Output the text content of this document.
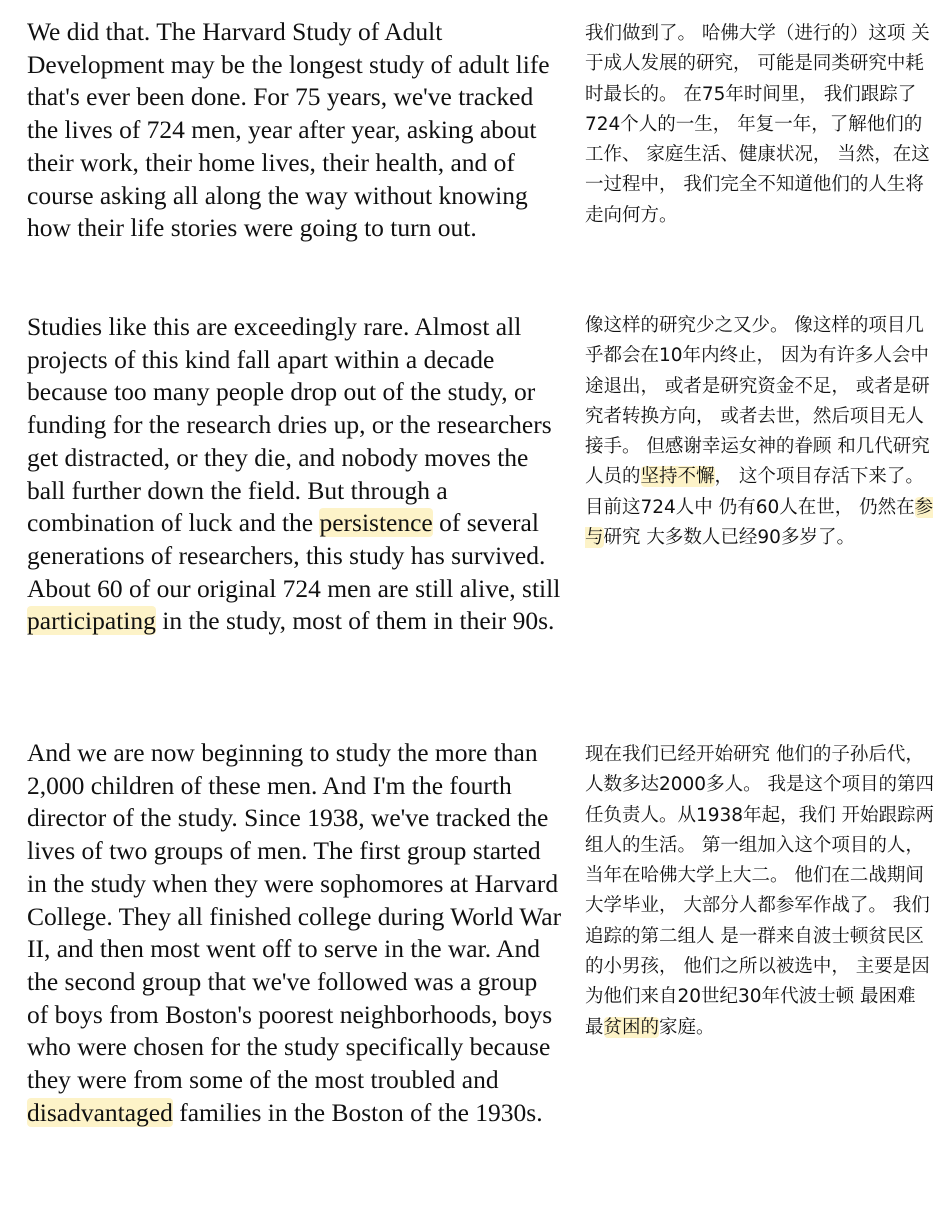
We did that. The Harvard Study of Adult Development may be the longest study of adult life that's ever been done. For 75 years, we've tracked the lives of 724 men, year after year, asking about their work, their home lives, their health, and of course asking all along the way without knowing how their life stories were going to turn out.

我们做到了。 哈佛大学（进行的）这项 关于成人发展的研究， 可能是同类研究中耗时最长的。 在75年时间里， 我们跟踪了724个人的一生， 年复一年，了解他们的工作、 家庭生活、健康状况， 当然，在这一过程中， 我们完全不知道他们的人生将走向何方。

Studies like this are exceedingly rare. Almost all projects of this kind fall apart within a decade because too many people drop out of the study, or funding for the research dries up, or the researchers get distracted, or they die, and nobody moves the ball further down the field. But through a combination of luck and the persistence of several generations of researchers, this study has survived. About 60 of our original 724 men are still alive, still participating in the study, most of them in their 90s.

像这样的研究少之又少。 像这样的项目几乎都会在10年内终止， 因为有许多人会中途退出， 或者是研究资金不足， 或者是研究者转换方向， 或者去世，然后项目无人接手。 但感谢幸运女神的眷顾 和几代研究人员的坚持不懈， 这个项目存活下来了。 目前这724人中 仍有60人在世， 仍然在参与研究 大多数人已经90多岁了。

And we are now beginning to study the more than 2,000 children of these men. And I'm the fourth director of the study. Since 1938, we've tracked the lives of two groups of men. The first group started in the study when they were sophomores at Harvard College. They all finished college during World War II, and then most went off to serve in the war. And the second group that we've followed was a group of boys from Boston's poorest neighborhoods, boys who were chosen for the study specifically because they were from some of the most troubled and disadvantaged families in the Boston of the 1930s.

现在我们已经开始研究 他们的子孙后代， 人数多达2000多人。 我是这个项目的第四任负责人。从1938年起，我们 开始跟踪两组人的生活。 第一组加入这个项目的人， 当年在哈佛大学上大二。 他们在二战期间大学毕业， 大部分人都参军作战了。 我们追踪的第二组人 是一群来自波士顿贫民区的小男孩， 他们之所以被选中， 主要是因为他们来自20世纪30年代波士顿 最困难 最贫困的家庭。
